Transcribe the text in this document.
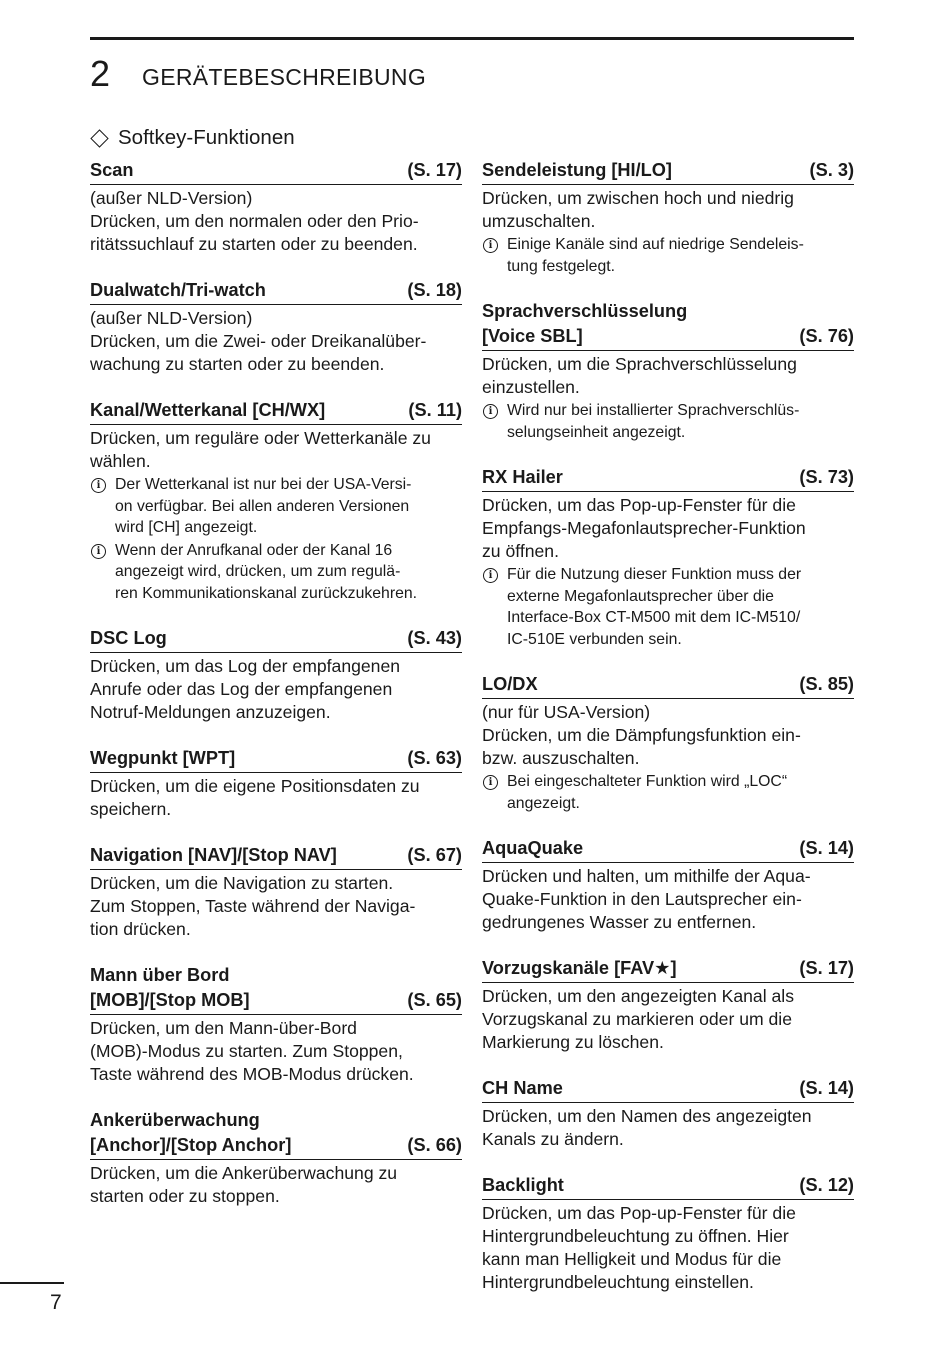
2 GERÄTEBESCHREIBUNG
Softkey-Funktionen
Scan	(S. 17)
(außer NLD-Version)
Drücken, um den normalen oder den Prio-
ritätssuchlauf zu starten oder zu beenden.
Dualwatch/Tri-watch	(S. 18)
(außer NLD-Version)
Drücken, um die Zwei- oder Dreikanalüber-
wachung zu starten oder zu beenden.
Kanal/Wetterkanal [CH/WX]	(S. 11)
Drücken, um reguläre oder Wetterkanäle zu
wählen.
i Der Wetterkanal ist nur bei der USA-Versi-
on verfügbar. Bei allen anderen Versionen
wird [CH] angezeigt.
i Wenn der Anrufkanal oder der Kanal 16
angezeigt wird, drücken, um zum regulä-
ren Kommunikationskanal zurückzukehren.
DSC Log	(S. 43)
Drücken, um das Log der empfangenen
Anrufe oder das Log der empfangenen
Notruf-Meldungen anzuzeigen.
Wegpunkt [WPT]	(S. 63)
Drücken, um die eigene Positionsdaten zu
speichern.
Navigation [NAV]/[Stop NAV]	(S. 67)
Drücken, um die Navigation zu starten.
Zum Stoppen, Taste während der Naviga-
tion drücken.
Mann über Bord
[MOB]/[Stop MOB]	(S. 65)
Drücken, um den Mann-über-Bord
(MOB)-Modus zu starten. Zum Stoppen,
Taste während des MOB-Modus drücken.
Ankerüberwachung
[Anchor]/[Stop Anchor]	(S. 66)
Drücken, um die Ankerüberwachung zu
starten oder zu stoppen.
Sendeleistung [HI/LO]	(S. 3)
Drücken, um zwischen hoch und niedrig
umzuschalten.
i Einige Kanäle sind auf niedrige Sendeleis-
tung festgelegt.
Sprachverschlüsselung
[Voice SBL]	(S. 76)
Drücken, um die Sprachverschlüsselung
einzustellen.
i Wird nur bei installierter Sprachverschlüs-
selungseinheit angezeigt.
RX Hailer	(S. 73)
Drücken, um das Pop-up-Fenster für die
Empfangs-Megafonlautsprecher-Funktion
zu öffnen.
i Für die Nutzung dieser Funktion muss der
externe Megafonlautsprecher über die
Interface-Box CT-M500 mit dem IC-M510/
IC-510E verbunden sein.
LO/DX	(S. 85)
(nur für USA-Version)
Drücken, um die Dämpfungsfunktion ein-
bzw. auszuschalten.
i Bei eingeschalteter Funktion wird „LOC“
angezeigt.
AquaQuake	(S. 14)
Drücken und halten, um mithilfe der Aqua-
Quake-Funktion in den Lautsprecher ein-
gedrungenes Wasser zu entfernen.
Vorzugskanäle [FAV★]	(S. 17)
Drücken, um den angezeigten Kanal als
Vorzugskanal zu markieren oder um die
Markierung zu löschen.
CH Name	(S. 14)
Drücken, um den Namen des angezeigten
Kanals zu ändern.
Backlight	(S. 12)
Drücken, um das Pop-up-Fenster für die
Hintergrundbeleuchtung zu öffnen. Hier
kann man Helligkeit und Modus für die
Hintergrundbeleuchtung einstellen.
7
